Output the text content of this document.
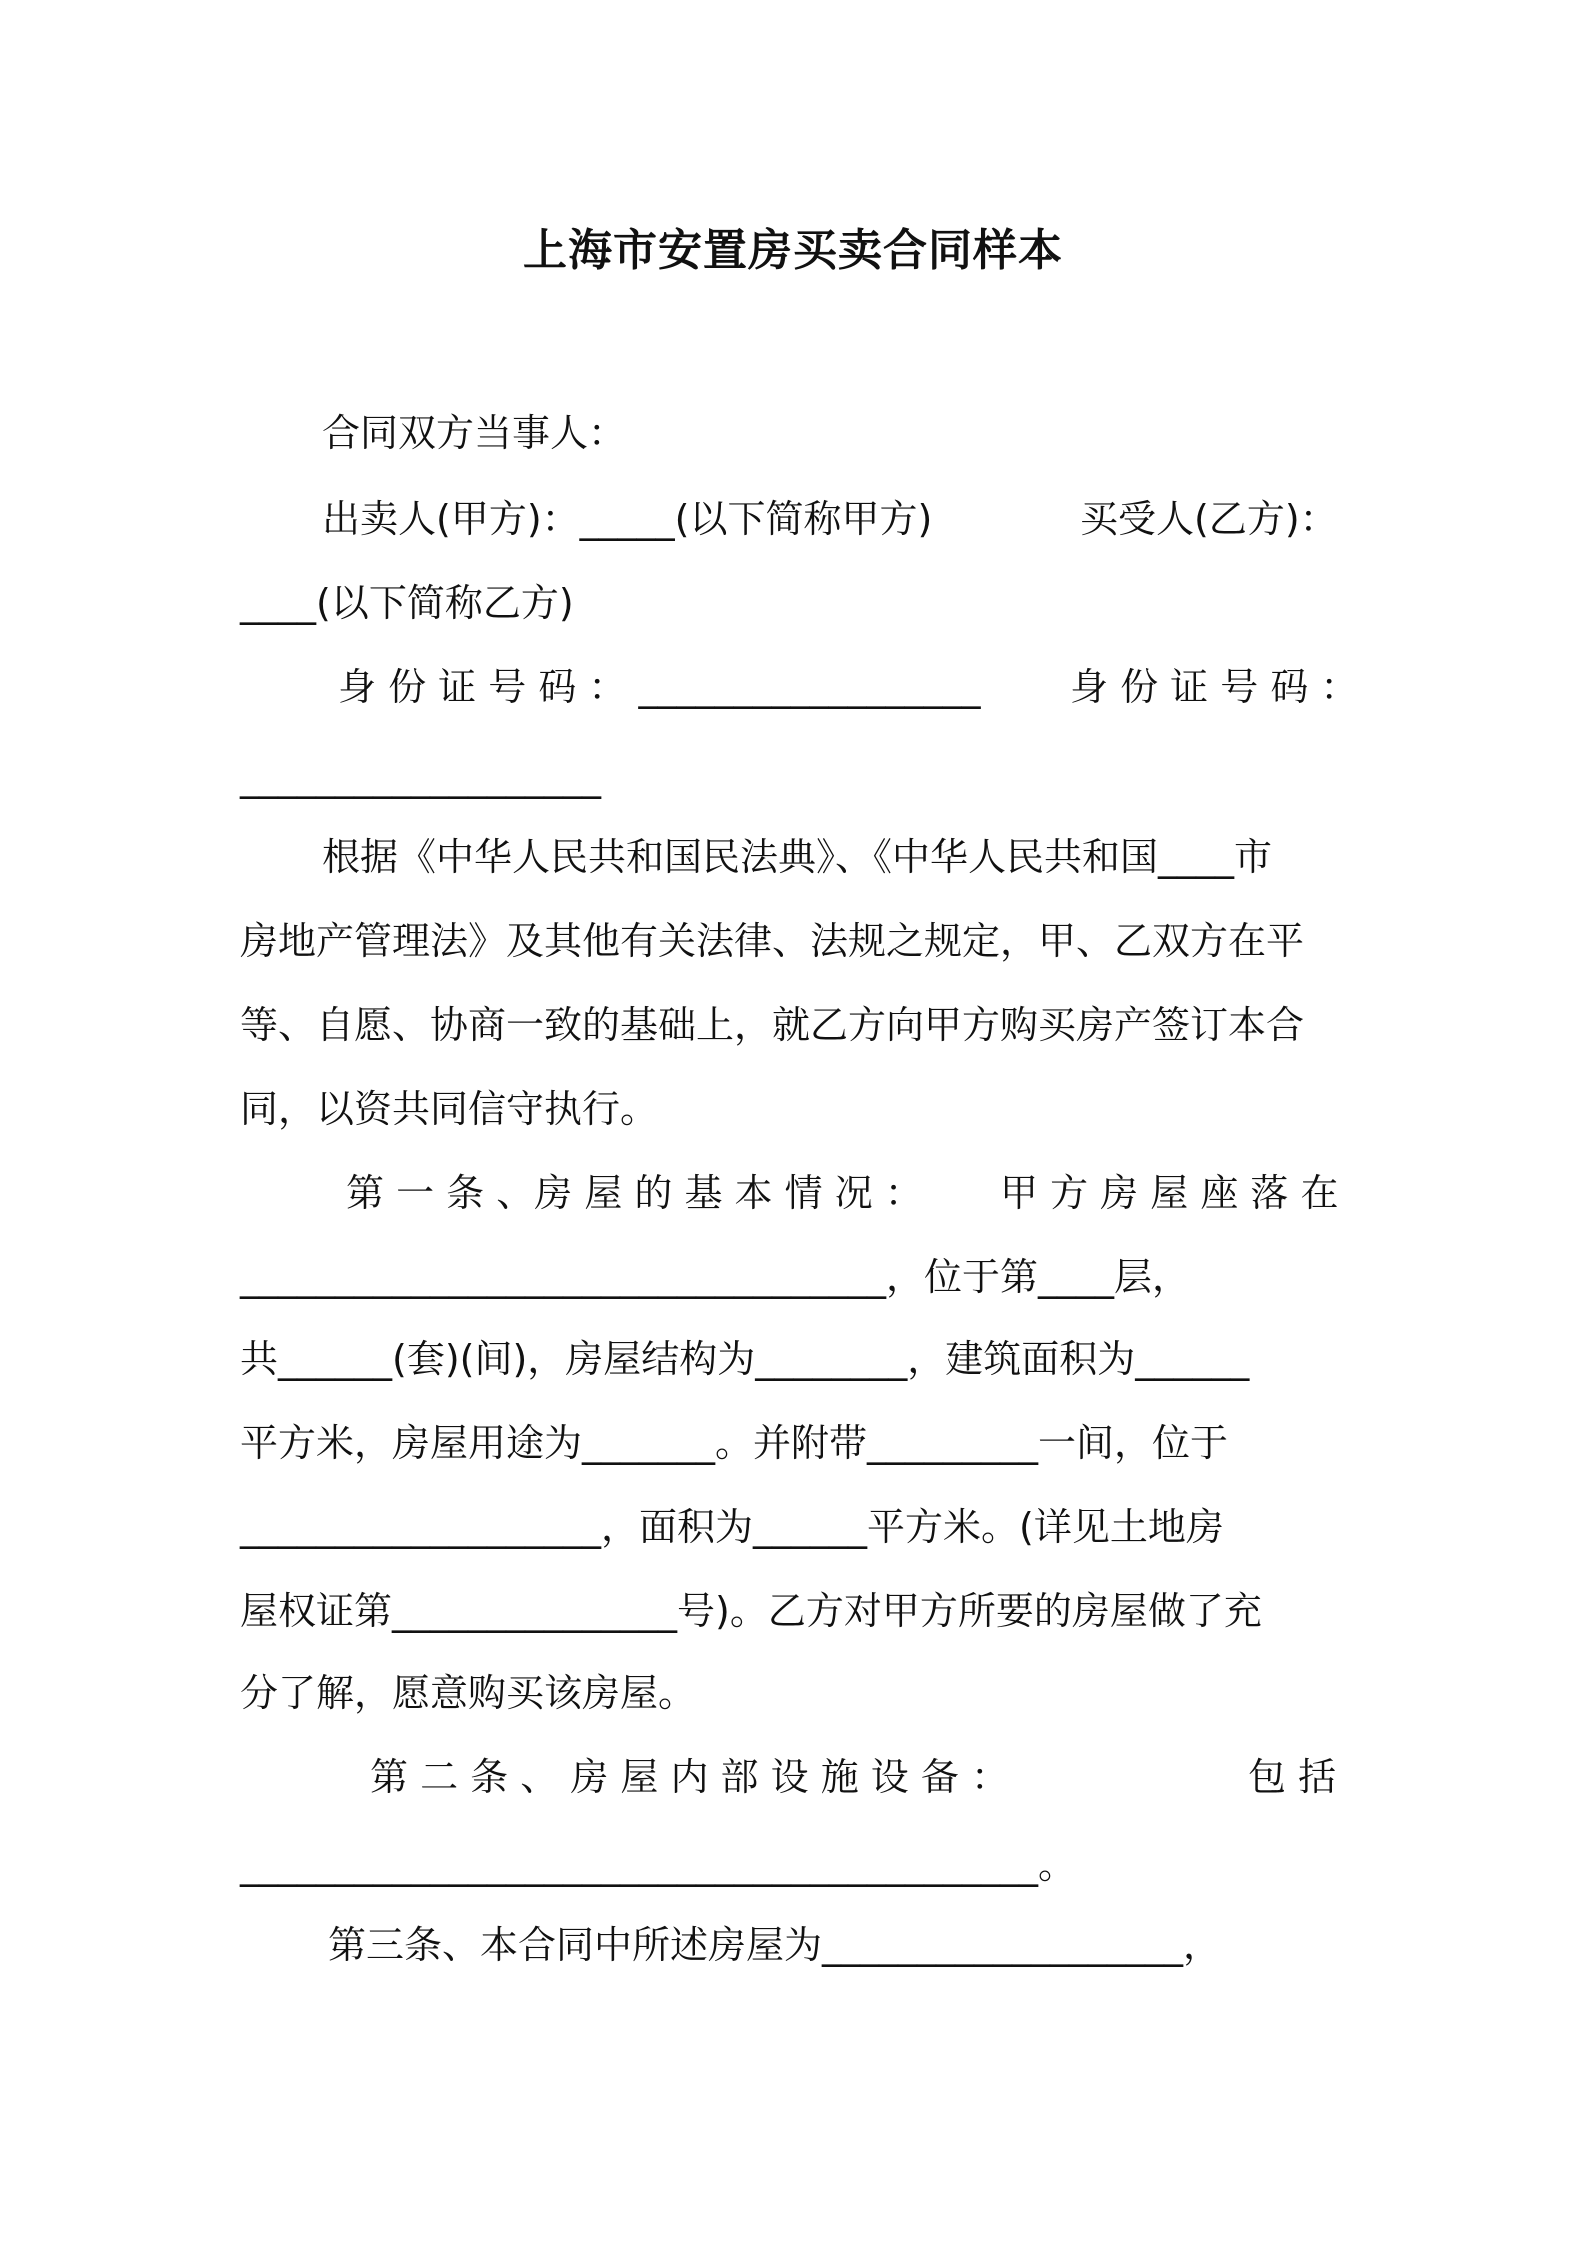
上海市安置房买卖合同样本
合同双方当事人：
出卖人(甲方)：_____(以下简称甲方)	买受人(乙方)：
____(以下简称乙方)
身 份 证 号 码 ： __________________ 身 份 证 号 码 ：
___________________
根据《中华人民共和国民法典》、《中华人民共和国____市
房地产管理法》及其他有关法律、法规之规定，甲、乙双方在平
等、自愿、协商一致的基础上，就乙方向甲方购买房产签订本合
同，以资共同信守执行。
第 一 条 、房 屋 的 基 本 情 况 ： 甲 方 房 屋 座 落 在
__________________________________，位于第____层，
共______(套)(间)，房屋结构为________，建筑面积为______
平方米，房屋用途为_______。并附带_________一间，位于
___________________，面积为______平方米。(详见土地房
屋权证第_______________号)。乙方对甲方所要的房屋做了充
分了解，愿意购买该房屋。
第 二 条 、 房 屋 内 部 设 施 设 备 ：	包 括
__________________________________________。
第三条、本合同中所述房屋为___________________，
